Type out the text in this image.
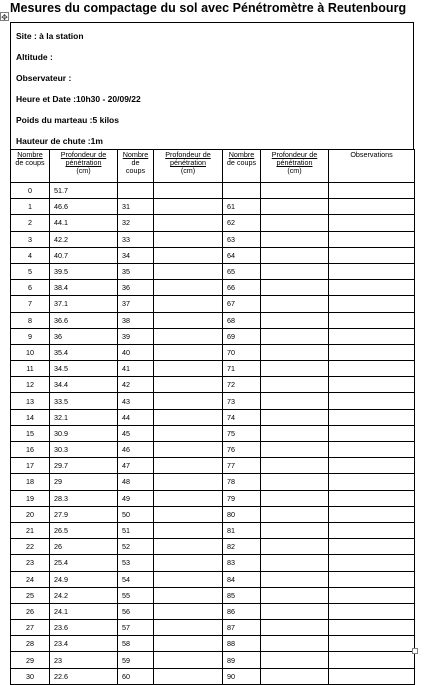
✥
Mesures du compactage du sol avec Pénétromètre à Reutenbourg
Site : à la station
Altitude :
Observateur :
Heure et Date :10h30 - 20/09/22
Poids du marteau :5 kilos
Hauteur de chute :1m
Nombre
de coups	Profondeur de
pénétration
(cm)	Nombre
de
coups	Profondeur de
pénétration
(cm)	Nombre
de coups	Profondeur de
pénétration
(cm)	Observations
0	51.7					
1	46.6	31		61		
2	44.1	32		62		
3	42.2	33		63		
4	40.7	34		64		
5	39.5	35		65		
6	38.4	36		66		
7	37.1	37		67		
8	36.6	38		68		
9	36	39		69		
10	35.4	40		70		
11	34.5	41		71		
12	34.4	42		72		
13	33.5	43		73		
14	32.1	44		74		
15	30.9	45		75		
16	30.3	46		76		
17	29.7	47		77		
18	29	48		78		
19	28.3	49		79		
20	27.9	50		80		
21	26.5	51		81		
22	26	52		82		
23	25.4	53		83		
24	24.9	54		84		
25	24.2	55		85		
26	24.1	56		86		
27	23.6	57		87		
28	23.4	58		88		
29	23	59		89		
30	22.6	60		90		
